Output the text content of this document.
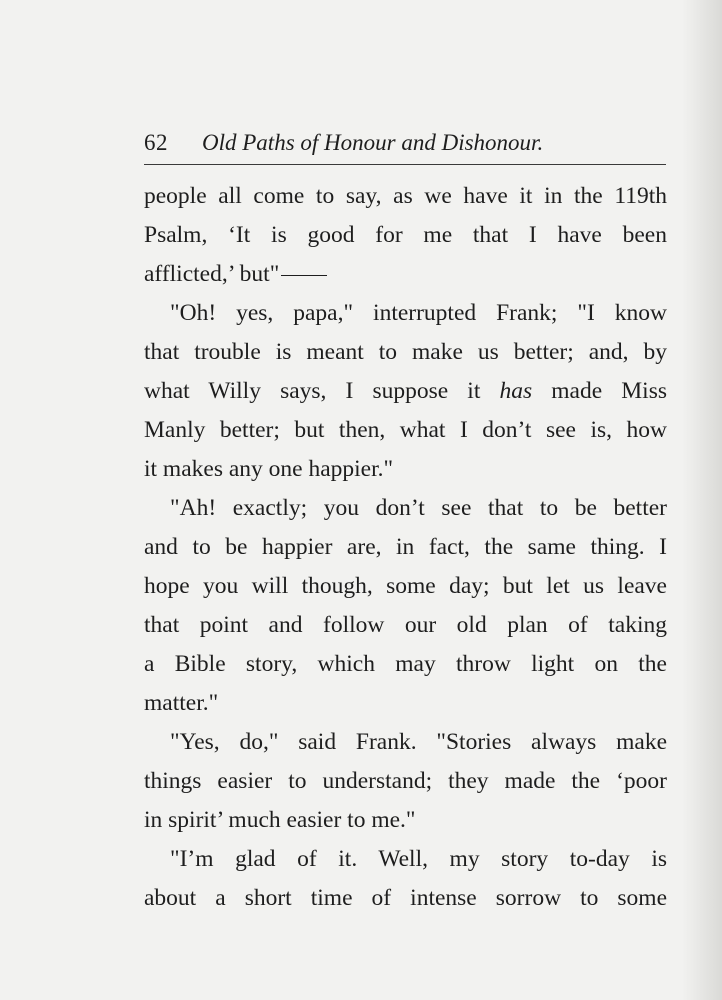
62 Old Paths of Honour and Dishonour.
people all come to say, as we have it in the 119th
Psalm, ‘It is good for me that I have been
afflicted,’ but"
"Oh! yes, papa," interrupted Frank; "I know
that trouble is meant to make us better; and, by
what Willy says, I suppose it has made Miss
Manly better; but then, what I don’t see is, how
it makes any one happier."
"Ah! exactly; you don’t see that to be better
and to be happier are, in fact, the same thing. I
hope you will though, some day; but let us leave
that point and follow our old plan of taking
a Bible story, which may throw light on the
matter."
"Yes, do," said Frank. "Stories always make
things easier to understand; they made the ‘poor
in spirit’ much easier to me."
"I’m glad of it. Well, my story to-day is
about a short time of intense sorrow to some
